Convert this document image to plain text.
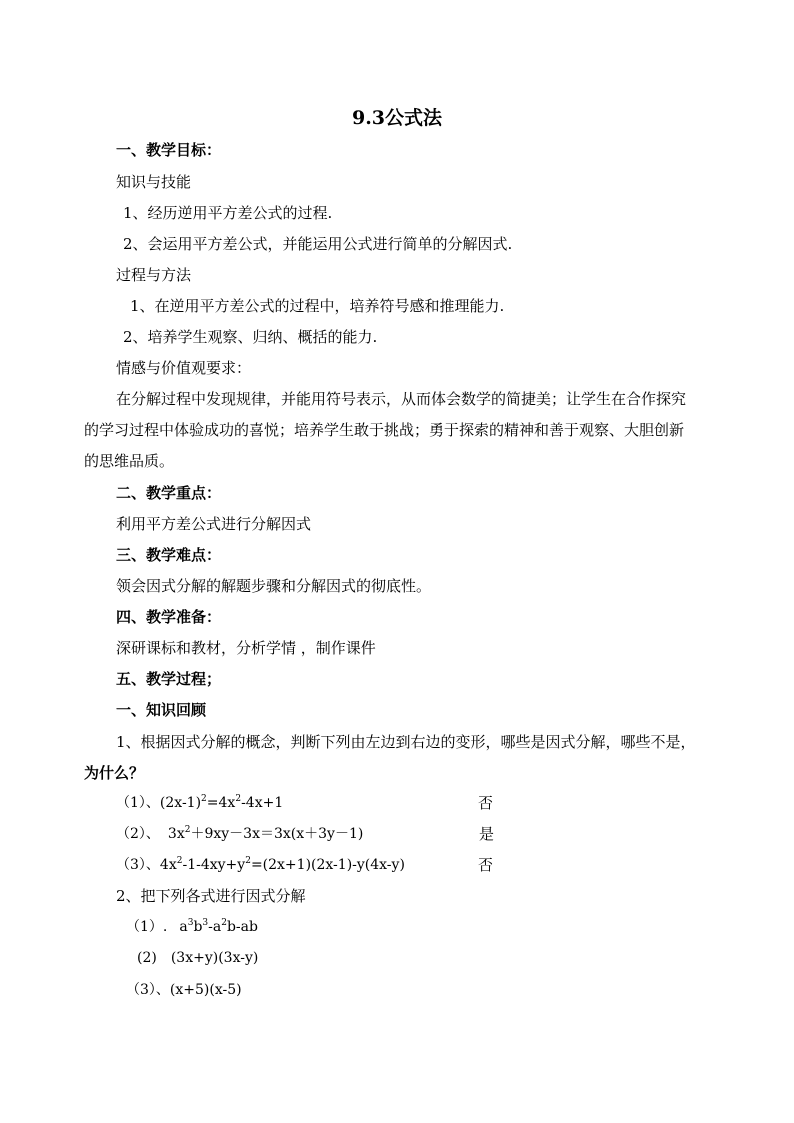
9.3公式法
一、教学目标：
知识与技能
1、经历逆用平方差公式的过程.
2、会运用平方差公式，并能运用公式进行简单的分解因式.
过程与方法
1、在逆用平方差公式的过程中，培养符号感和推理能力.
2、培养学生观察、归纳、概括的能力.
情感与价值观要求：
在分解过程中发现规律，并能用符号表示，从而体会数学的简捷美；让学生在合作探究
的学习过程中体验成功的喜悦；培养学生敢于挑战；勇于探索的精神和善于观察、大胆创新
的思维品质。
二、教学重点：
利用平方差公式进行分解因式
三、教学难点：
领会因式分解的解题步骤和分解因式的彻底性。
四、教学准备：
深研课标和教材，分析学情 ，制作课件
五、教学过程；
一、知识回顾
1、根据因式分解的概念，判断下列由左边到右边的变形，哪些是因式分解，哪些不是，
为什么？
（1）、$(2x-1)^2=4x^2-4x+1$	否
（2）、 $3x^2+9xy-3x=3x(x+3y-1)$	是
（3）、$4x^2-1-4xy+y^2=(2x+1)(2x-1)-y(4x-y)$	否
2、把下列各式进行因式分解
（1）. $a^3b^3-a^2b-ab$
(2) (3x+y)(3x-y)
（3）、(x+5)(x-5)
